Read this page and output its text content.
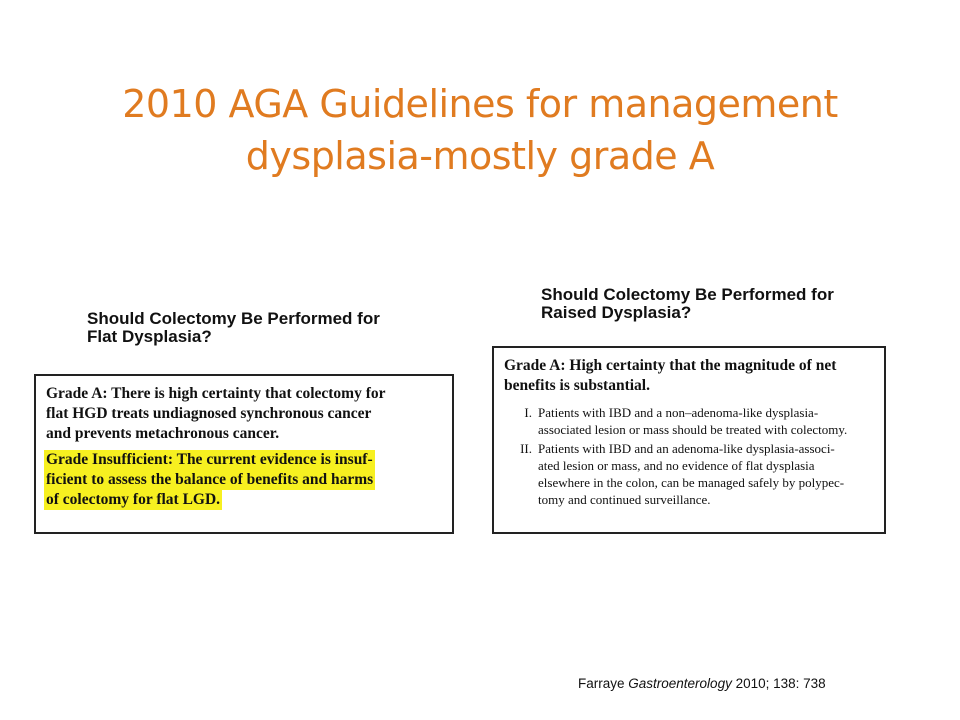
2010 AGA Guidelines for management
dysplasia-mostly grade A
Should Colectomy Be Performed for
Flat Dysplasia?
Grade A: There is high certainty that colectomy for
flat HGD treats undiagnosed synchronous cancer
and prevents metachronous cancer.
Grade Insufficient: The current evidence is insuf-
ficient to assess the balance of benefits and harms
of colectomy for flat LGD.
Should Colectomy Be Performed for
Raised Dysplasia?
Grade A: High certainty that the magnitude of net
benefits is substantial.
I. Patients with IBD and a non–adenoma-like dysplasia-
associated lesion or mass should be treated with colectomy.
II. Patients with IBD and an adenoma-like dysplasia-associ-
ated lesion or mass, and no evidence of flat dysplasia
elsewhere in the colon, can be managed safely by polypec-
tomy and continued surveillance.
Farraye Gastroenterology 2010; 138: 738
